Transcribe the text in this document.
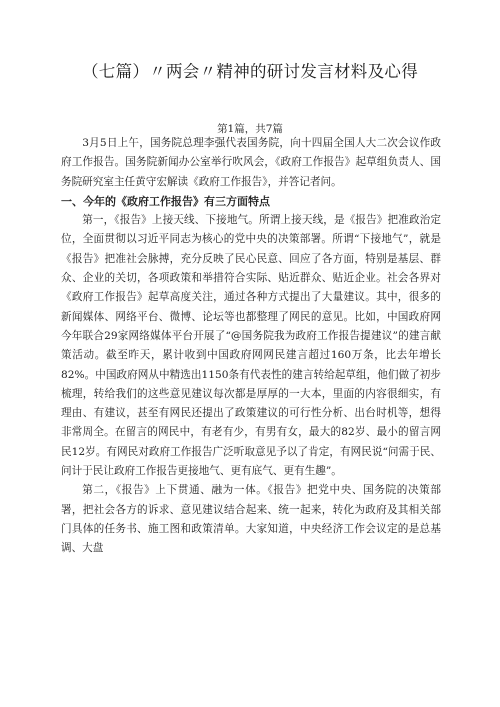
（七篇）〃两会〃精神的研讨发言材料及心得
第1篇，共7篇

3月5日上午，国务院总理李强代表国务院，向十四届全国人大二次会议作政府工作报告。国务院新闻办公室举行吹风会，《政府工作报告》起草组负责人、国务院研究室主任黄守宏解读《政府工作报告》，并答记者问。

一、今年的《政府工作报告》有三方面特点

第一，《报告》上接天线、下接地气。所谓上接天线，是《报告》把准政治定位，全面贯彻以习近平同志为核心的党中央的决策部署。所谓“下接地气”，就是《报告》把准社会脉搏，充分反映了民心民意、回应了各方面，特别是基层、群众、企业的关切，各项政策和举措符合实际、贴近群众、贴近企业。社会各界对《政府工作报告》起草高度关注，通过各种方式提出了大量建议。其中，很多的新闻媒体、网络平台、微博、论坛等也都整理了网民的意见。比如，中国政府网今年联合29家网络媒体平台开展了“@国务院我为政府工作报告提建议”的建言献策活动。截至昨天，累计收到中国政府网网民建言超过160万条，比去年增长82%。中国政府网从中精选出1150条有代表性的建言转给起草组，他们做了初步梳理，转给我们的这些意见建议每次都是厚厚的一大本，里面的内容很细实，有理由、有建议，甚至有网民还提出了政策建议的可行性分析、出台时机等，想得非常周全。在留言的网民中，有老有少，有男有女，最大的82岁、最小的留言网民12岁。有网民对政府工作报告广泛听取意见予以了肯定，有网民说“问需于民、问计于民让政府工作报告更接地气、更有底气、更有生趣”。

第二，《报告》上下贯通、融为一体。《报告》把党中央、国务院的决策部署，把社会各方的诉求、意见建议结合起来、统一起来，转化为政府及其相关部门具体的任务书、施工图和政策清单。大家知道，中央经济工作会议定的是总基调、大盘
